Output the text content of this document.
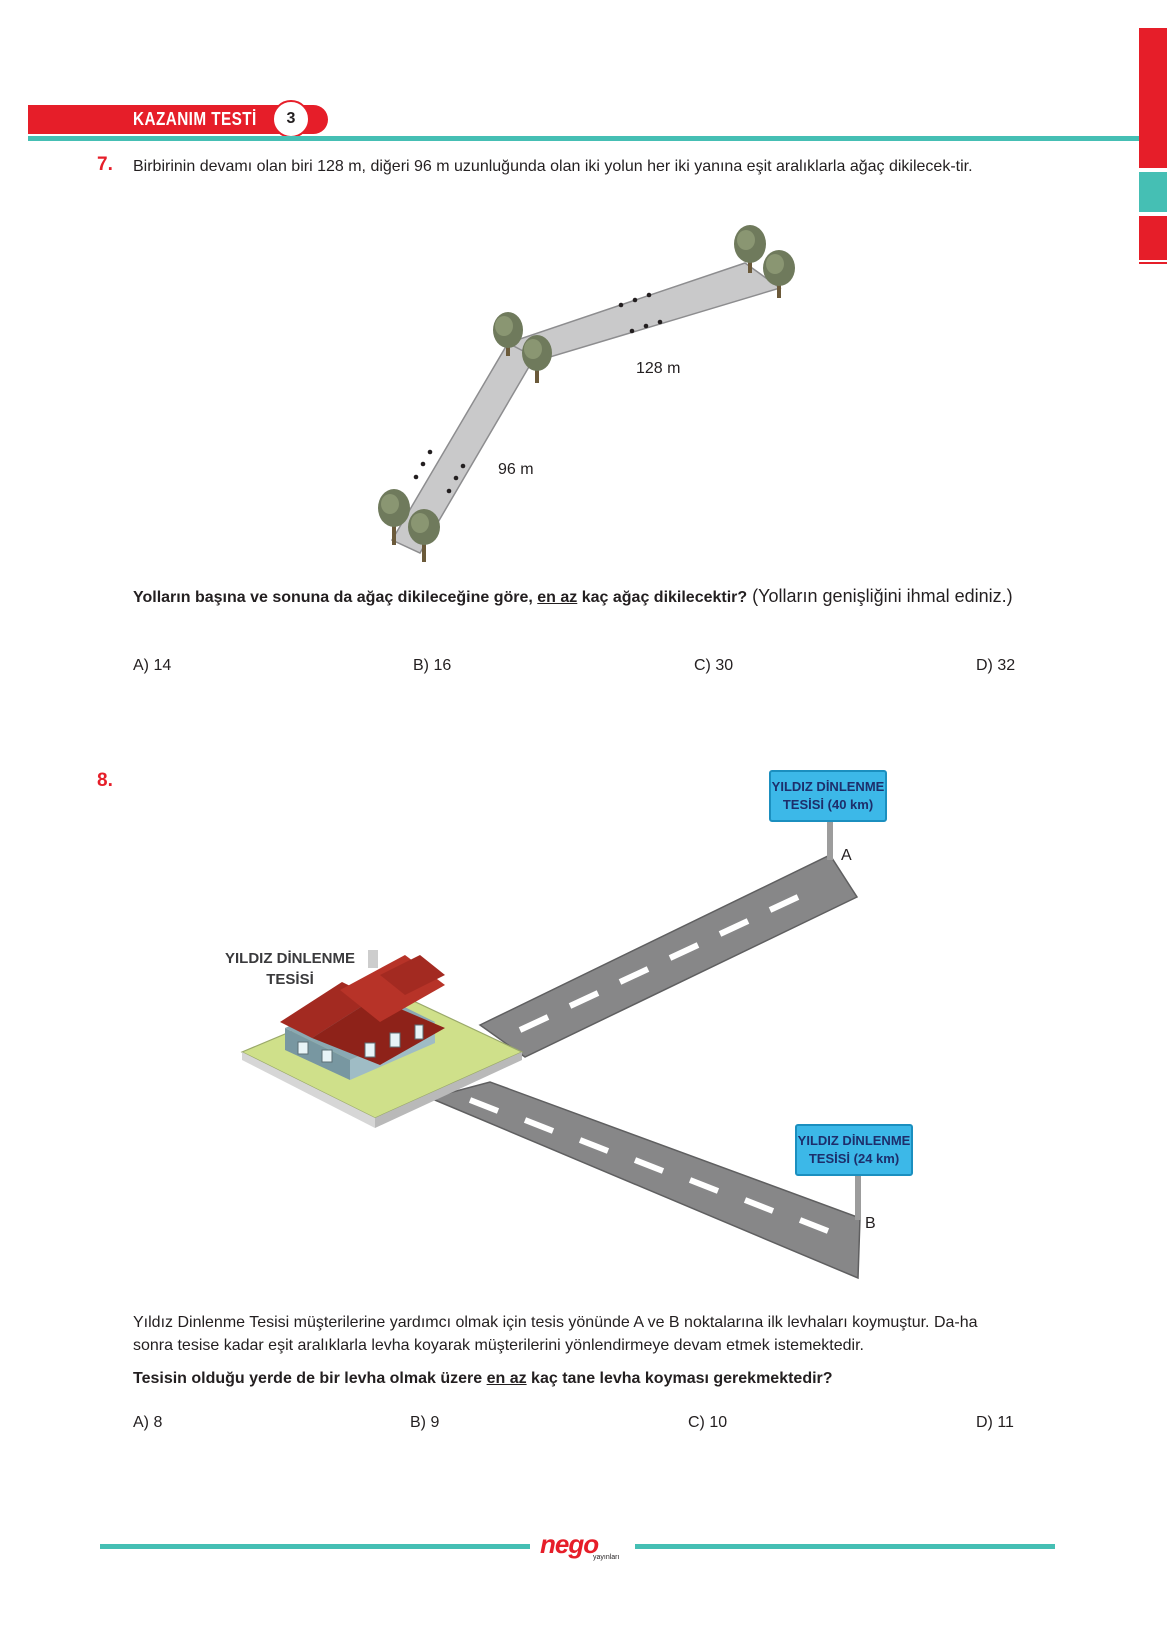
KAZANIM TESTİ	3
7. Birbirinin devamı olan biri 128 m, diğeri 96 m uzunluğunda olan iki yolun her iki yanına eşit aralıklarla ağaç dikilecek-tir.
128 m
96 m
Yolların başına ve sonuna da ağaç dikileceğine göre, en az kaç ağaç dikilecektir? (Yolların genişliğini ihmal ediniz.)
A) 14	B) 16	C) 30	D) 32
8.	YILDIZ DİNLENME
TESİSİ (40 km)
YILDIZ DİNLENME
TESİSİ (24 km)
A
B
YILDIZ DİNLENME
TESİSİ
Yıldız Dinlenme Tesisi müşterilerine yardımcı olmak için tesis yönünde A ve B noktalarına ilk levhaları koymuştur. Da-ha sonra tesise kadar eşit aralıklarla levha koyarak müşterilerini yönlendirmeye devam etmek istemektedir.
Tesisin olduğu yerde de bir levha olmak üzere en az kaç tane levha koyması gerekmektedir?
A) 8	B) 9	C) 10	D) 11
nego
yayınları
